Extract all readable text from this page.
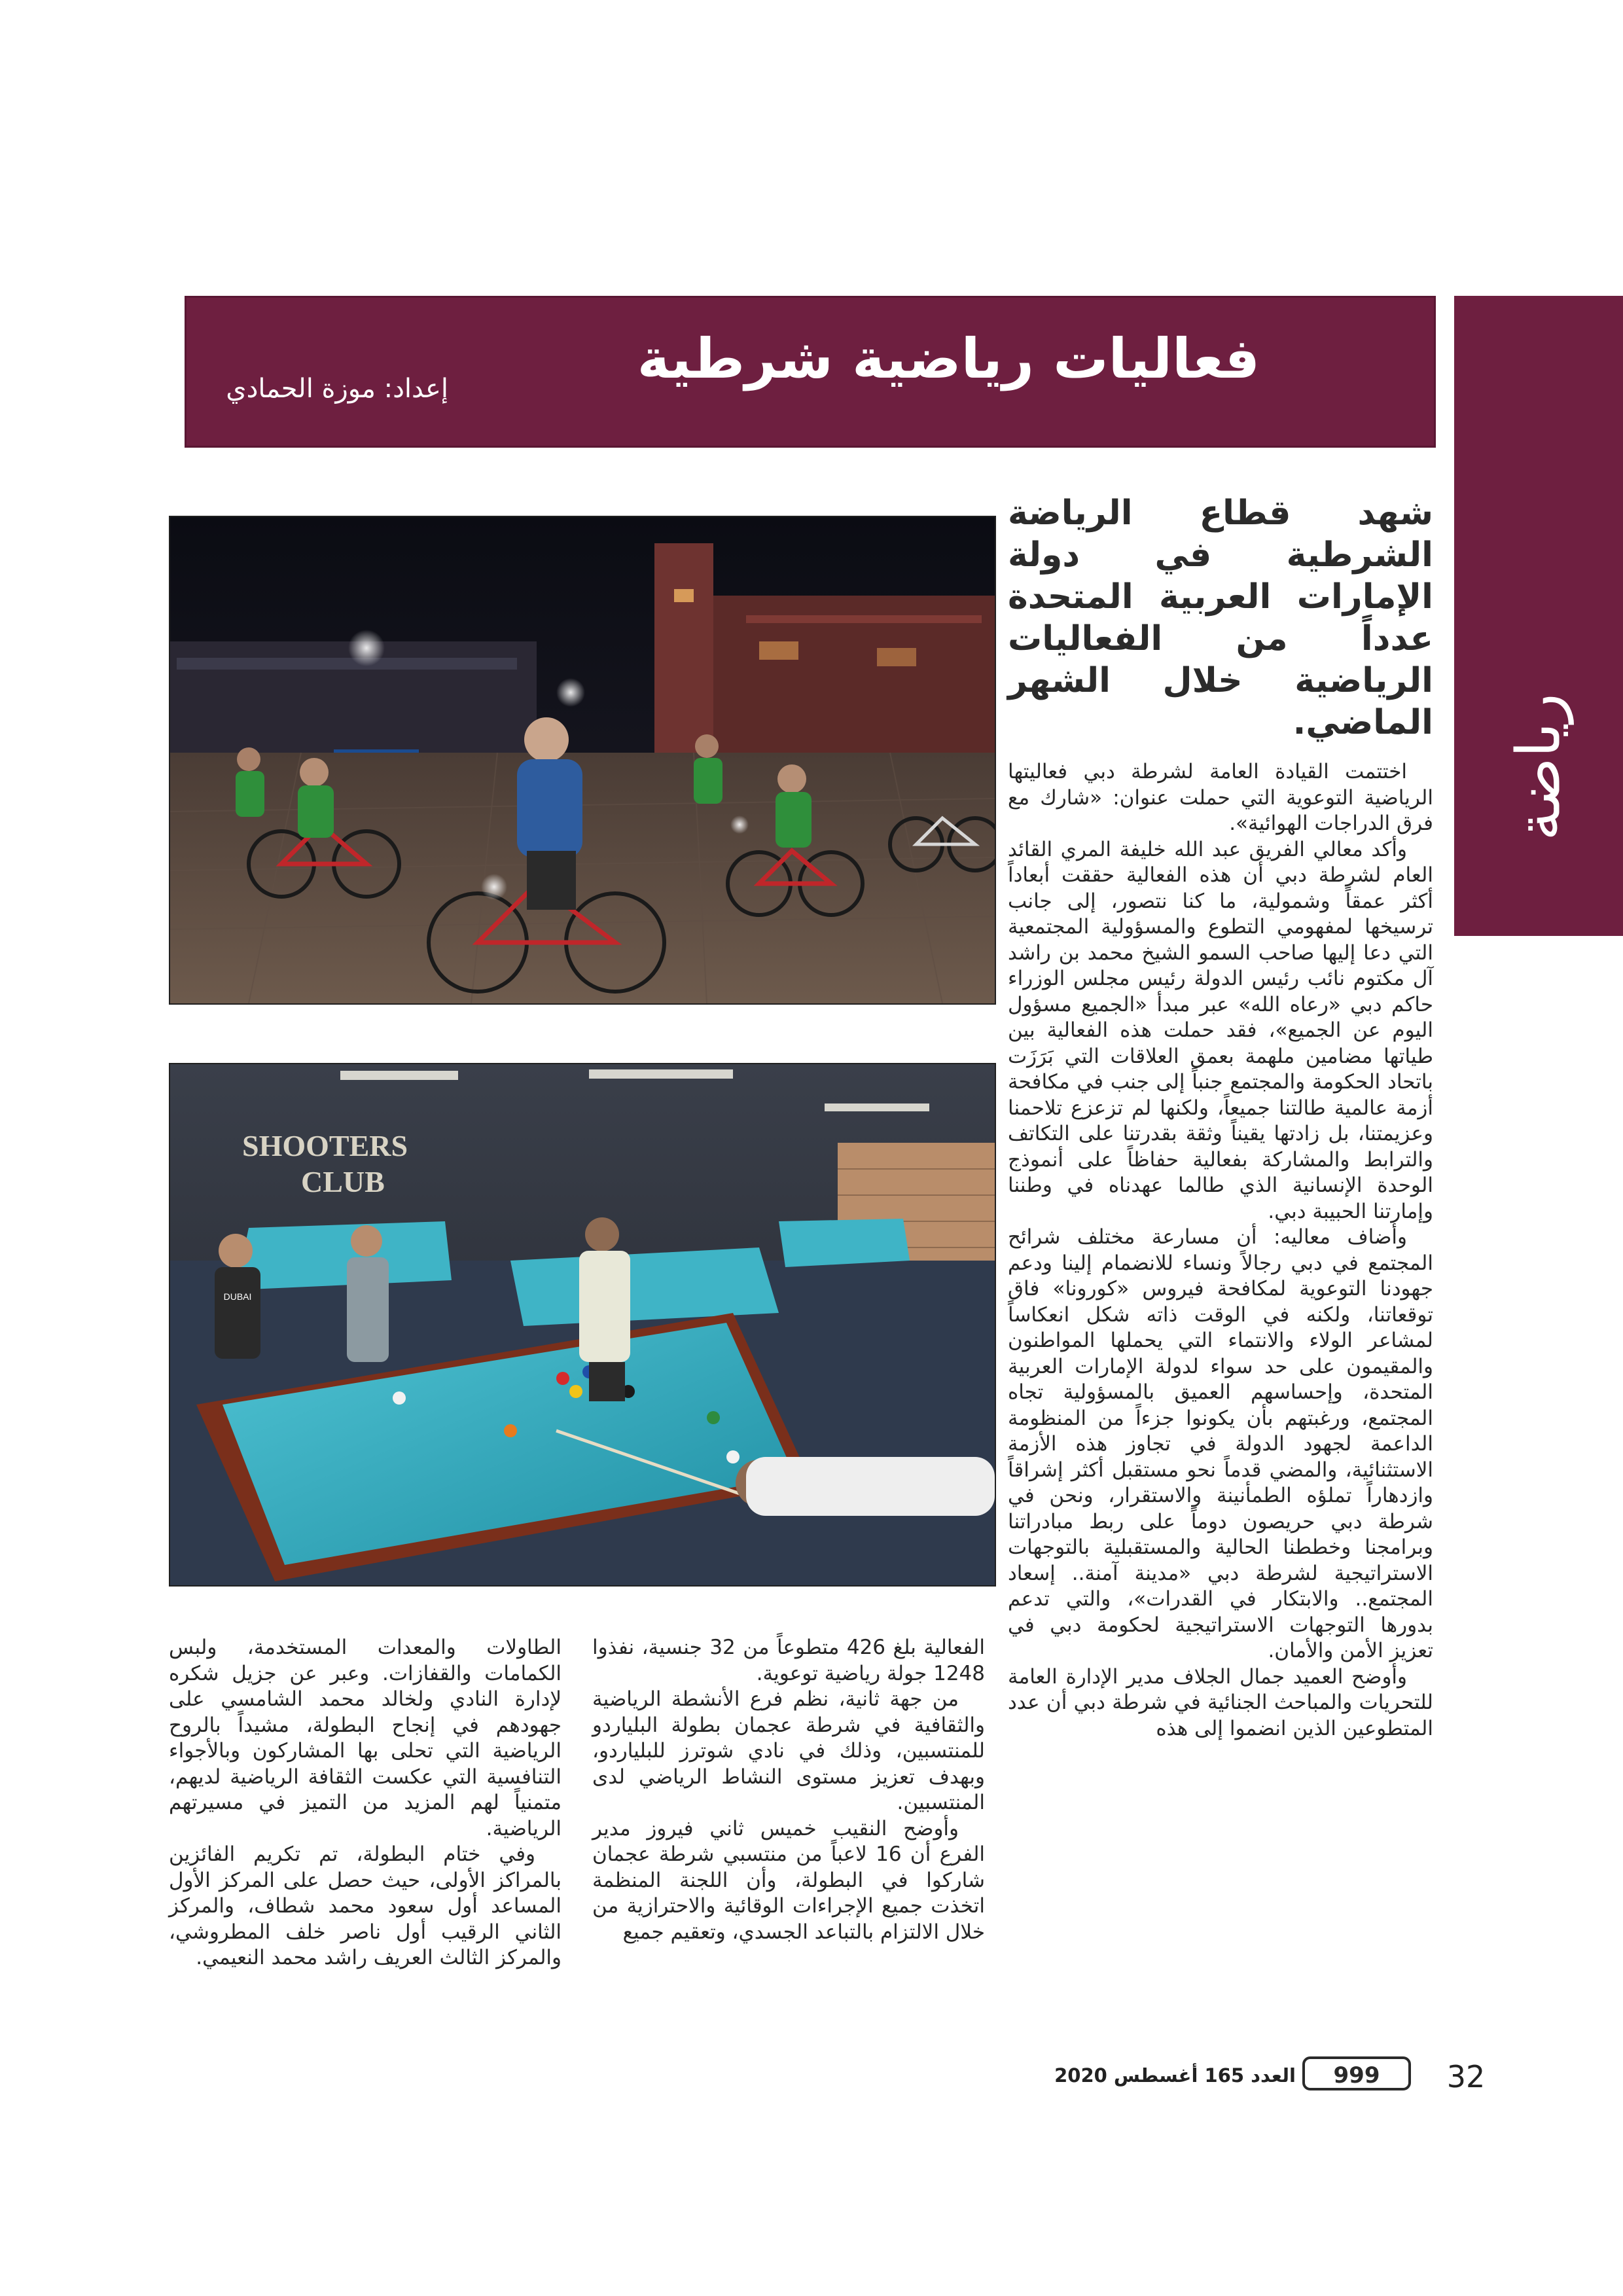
فعاليات رياضية شرطية
إعداد: موزة الحمادي
رياضة
شهد قطاع الرياضة الشرطية في دولة الإمارات العربية المتحدة عدداً من الفعاليات الرياضية خلال الشهر الماضي.
SHOOTERS
CLUB
DUBAI

اختتمت القيادة العامة لشرطة دبي فعاليتها الرياضية التوعوية التي حملت عنوان: «شارك مع فرق الدراجات الهوائية».

وأكد معالي الفريق عبد الله خليفة المري القائد العام لشرطة دبي أن هذه الفعالية حققت أبعاداً أكثر عمقاً وشمولية، ما كنا نتصور، إلى جانب ترسيخها لمفهومي التطوع والمسؤولية المجتمعية التي دعا إليها صاحب السمو الشيخ محمد بن راشد آل مكتوم نائب رئيس الدولة رئيس مجلس الوزراء حاكم دبي «رعاه الله» عبر مبدأ «الجميع مسؤول اليوم عن الجميع»، فقد حملت هذه الفعالية بين طياتها مضامين ملهمة بعمق العلاقات التي بَرَزَت باتحاد الحكومة والمجتمع جنباً إلى جنب في مكافحة أزمة عالمية طالتنا جميعاً، ولكنها لم تزعزع تلاحمنا وعزيمتنا، بل زادتها يقيناً وثقة بقدرتنا على التكاتف والترابط والمشاركة بفعالية حفاظاً على أنموذج الوحدة الإنسانية الذي طالما عهدناه في وطننا وإمارتنا الحبيبة دبي.

وأضاف معاليه: أن مسارعة مختلف شرائح المجتمع في دبي رجالاً ونساء للانضمام إلينا ودعم جهودنا التوعوية لمكافحة فيروس «كورونا» فاق توقعاتنا، ولكنه في الوقت ذاته شكل انعكاساً لمشاعر الولاء والانتماء التي يحملها المواطنون والمقيمون على حد سواء لدولة الإمارات العربية المتحدة، وإحساسهم العميق بالمسؤولية تجاه المجتمع، ورغبتهم بأن يكونوا جزءاً من المنظومة الداعمة لجهود الدولة في تجاوز هذه الأزمة الاستثنائية، والمضي قدماً نحو مستقبل أكثر إشراقاً وازدهاراً تملؤه الطمأنينة والاستقرار، ونحن في شرطة دبي حريصون دوماً على ربط مبادراتنا وبرامجنا وخططنا الحالية والمستقبلية بالتوجهات الاستراتيجية لشرطة دبي «مدينة آمنة.. إسعاد المجتمع.. والابتكار في القدرات»، والتي تدعم بدورها التوجهات الاستراتيجية لحكومة دبي في تعزيز الأمن والأمان.

وأوضح العميد جمال الجلاف مدير الإدارة العامة للتحريات والمباحث الجنائية في شرطة دبي أن عدد المتطوعين الذين انضموا إلى هذه

الفعالية بلغ 426 متطوعاً من 32 جنسية، نفذوا 1248 جولة رياضية توعوية.

من جهة ثانية، نظم فرع الأنشطة الرياضية والثقافية في شرطة عجمان بطولة البلياردو للمنتسبين، وذلك في نادي شوترز للبلياردو، وبهدف تعزيز مستوى النشاط الرياضي لدى المنتسبين.

وأوضح النقيب خميس ثاني فيروز مدير الفرع أن 16 لاعباً من منتسبي شرطة عجمان شاركوا في البطولة، وأن اللجنة المنظمة اتخذت جميع الإجراءات الوقائية والاحترازية من خلال الالتزام بالتباعد الجسدي، وتعقيم جميع

الطاولات والمعدات المستخدمة، ولبس الكمامات والقفازات. وعبر عن جزيل شكره لإدارة النادي ولخالد محمد الشامسي على جهودهم في إنجاح البطولة، مشيداً بالروح الرياضية التي تحلى بها المشاركون وبالأجواء التنافسية التي عكست الثقافة الرياضية لديهم، متمنياً لهم المزيد من التميز في مسيرتهم الرياضية.

وفي ختام البطولة، تم تكريم الفائزين بالمراكز الأولى، حيث حصل على المركز الأول المساعد أول سعود محمد شطاف، والمركز الثاني الرقيب أول ناصر خلف المطروشي، والمركز الثالث العريف راشد محمد النعيمي.

العدد 165 أغسطس 2020 999 32
